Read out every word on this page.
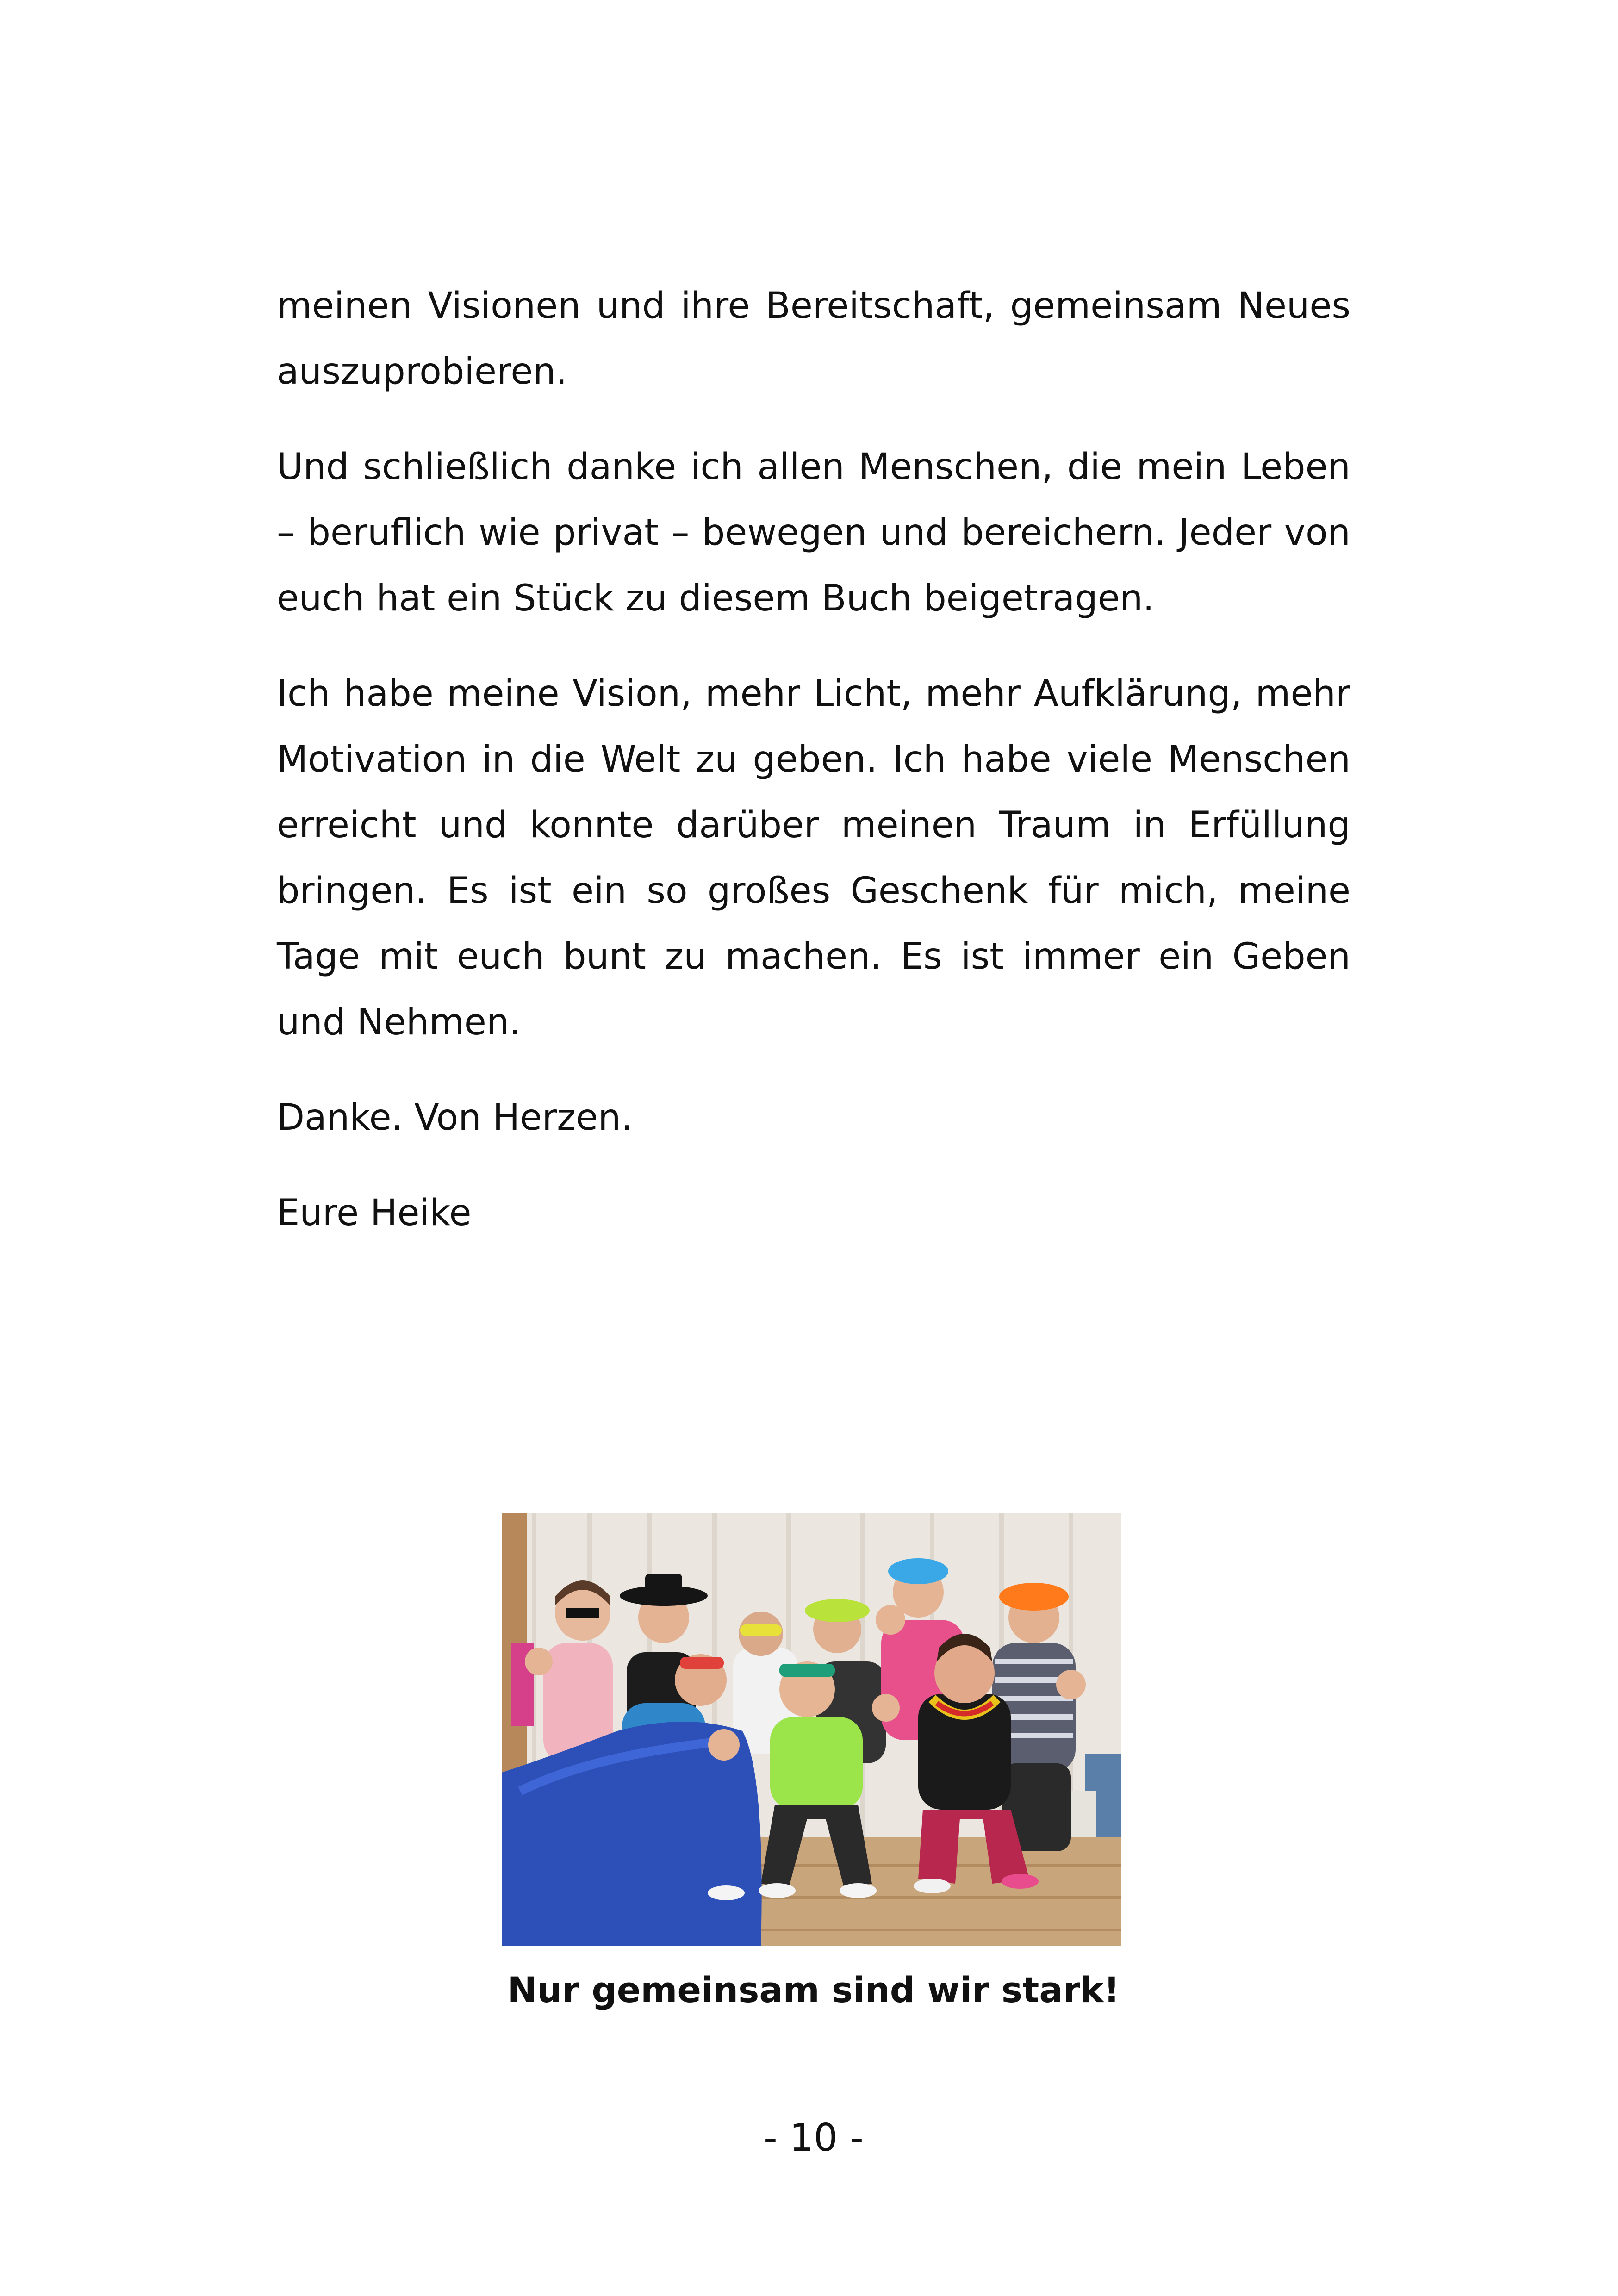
meinen Visionen und ihre Bereitschaft, gemeinsam Neues auszuprobieren.

Und schließlich danke ich allen Menschen, die mein Leben – beruflich wie privat – bewegen und bereichern. Jeder von euch hat ein Stück zu diesem Buch beigetragen.

Ich habe meine Vision, mehr Licht, mehr Aufklärung, mehr Motivation in die Welt zu geben. Ich habe viele Menschen erreicht und konnte darüber meinen Traum in Erfüllung bringen. Es ist ein so großes Geschenk für mich, meine Tage mit euch bunt zu machen. Es ist immer ein Geben und Nehmen.

Danke. Von Herzen.

Eure Heike

Nur gemeinsam sind wir stark!
- 10 -
